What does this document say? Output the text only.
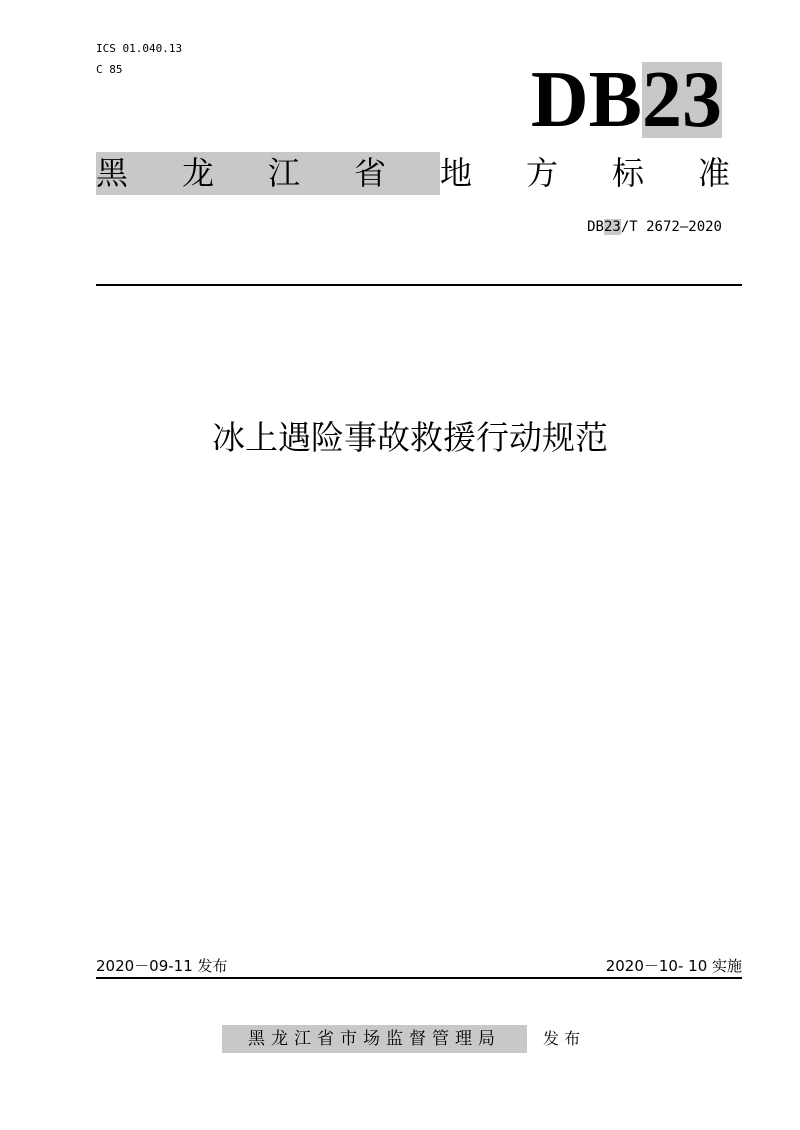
ICS 01.040.13
C 85	DB23
黑龙江省地方标准
DB23/T 2672—2020
冰上遇险事故救援行动规范
2020－09-11 发布	2020－10- 10 实施
黑龙江省市场监督管理局	发 布
